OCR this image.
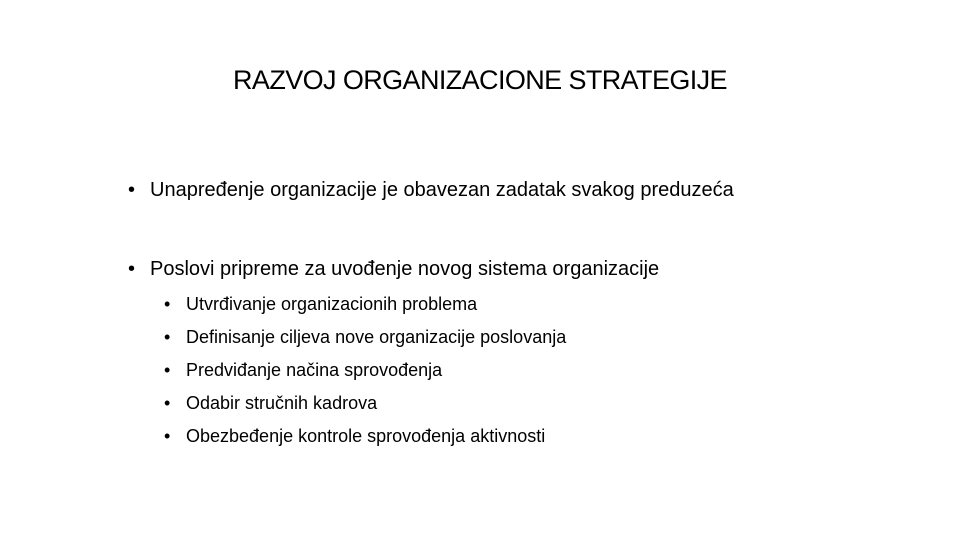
RAZVOJ ORGANIZACIONE STRATEGIJE
• Unapređenje organizacije je obavezan zadatak svakog preduzeća
• Poslovi pripreme za uvođenje novog sistema organizacije
• Utvrđivanje organizacionih problema
• Definisanje ciljeva nove organizacije poslovanja
• Predviđanje načina sprovođenja
• Odabir stručnih kadrova
• Obezbeđenje kontrole sprovođenja aktivnosti
